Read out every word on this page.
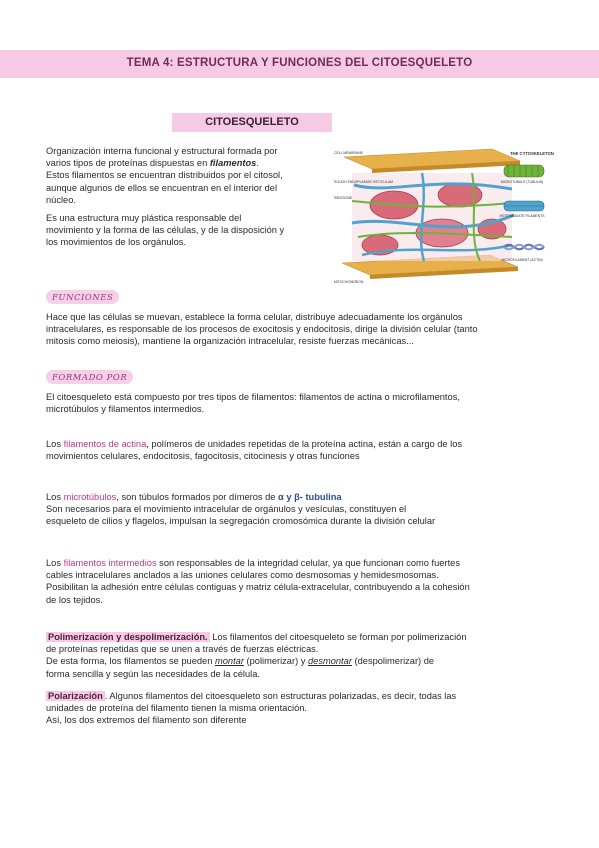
TEMA 4: ESTRUCTURA Y FUNCIONES DEL CITOESQUELETO
CITOESQUELETO
Organización interna funcional y estructural formada por
varios tipos de proteínas dispuestas en filamentos.
Estos filamentos se encuentran distribuidos por el citosol,
aunque algunos de ellos se encuentran en el interior del
núcleo.
Es una estructura muy plástica responsable del
movimiento y la forma de las células, y de la disposición y
los movimientos de los orgánulos.
THE CYTOSKELETON
MICROTUBULE (TUBULIN)
INTERMEDIATE FILAMENTS
MICROFILAMENT (ACTIN)
CELL MEMBRANE
ROUGH ENDOPLASMIC RETICULUM
RIBOSOME
MITOCHONDRION
FUNCIONES
Hace que las células se muevan, establece la forma celular, distribuye adecuadamente los orgánulos
intracelulares, es responsable de los procesos de exocitosis y endocitosis, dirige la división celular (tanto
mitosis como meiosis), mantiene la organización intracelular, resiste fuerzas mecánicas...
FORMADO POR
El citoesqueleto está compuesto por tres tipos de filamentos: filamentos de actina o microfilamentos,
microtúbulos y filamentos intermedios.
Los filamentos de actina, polímeros de unidades repetidas de la proteína actina, están a cargo de los
movimientos celulares, endocitosis, fagocitosis, citocinesis y otras funciones
Los microtúbulos, son túbulos formados por dímeros de α y β- tubulina
Son necesarios para el movimiento intracelular de orgánulos y vesículas, constituyen el
esqueleto de cilios y flagelos, impulsan la segregación cromosómica durante la división celular
Los filamentos intermedios son responsables de la integridad celular, ya que funcionan como fuertes
cables intracelulares anclados a las uniones celulares como desmosomas y hemidesmosomas.
Posibilitan la adhesión entre células contiguas y matriz célula-extracelular, contribuyendo a la cohesión
de los tejidos.
Polimerización y despolimerización. Los filamentos del citoesqueleto se forman por polimerización
de proteínas repetidas que se unen a través de fuerzas eléctricas.
De esta forma, los filamentos se pueden montar (polimerizar) y desmontar (despolimerizar) de
forma sencilla y según las necesidades de la célula.
Polarización . Algunos filamentos del citoesqueleto son estructuras polarizadas, es decir, todas las
unidades de proteína del filamento tienen la misma orientación.
Así, los dos extremos del filamento son diferente
